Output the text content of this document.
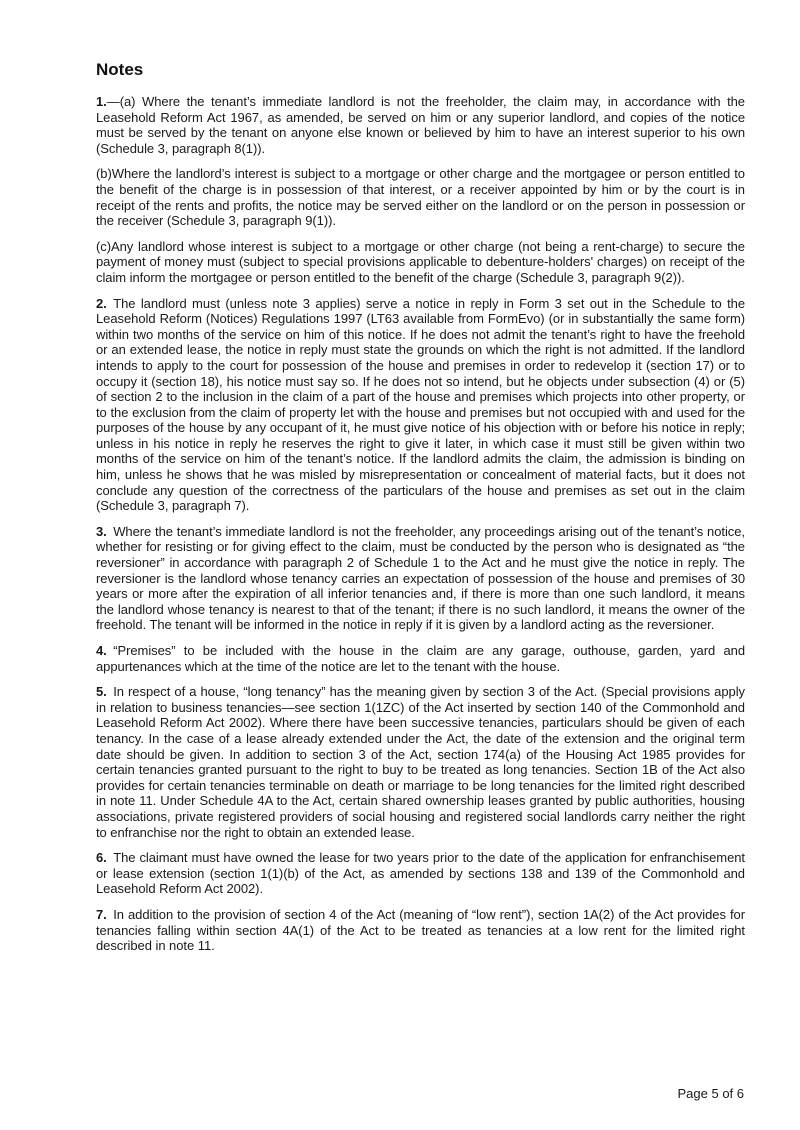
Notes

1.—(a) Where the tenant’s immediate landlord is not the freeholder, the claim may, in accordance with the Leasehold Reform Act 1967, as amended, be served on him or any superior landlord, and copies of the notice must be served by the tenant on anyone else known or believed by him to have an interest superior to his own (Schedule 3, paragraph 8(1)).

(b)Where the landlord’s interest is subject to a mortgage or other charge and the mortgagee or person entitled to the benefit of the charge is in possession of that interest, or a receiver appointed by him or by the court is in receipt of the rents and profits, the notice may be served either on the landlord or on the person in possession or the receiver (Schedule 3, paragraph 9(1)).

(c)Any landlord whose interest is subject to a mortgage or other charge (not being a rent-charge) to secure the payment of money must (subject to special provisions applicable to debenture-holders' charges) on receipt of the claim inform the mortgagee or person entitled to the benefit of the charge (Schedule 3, paragraph 9(2)).

2. The landlord must (unless note 3 applies) serve a notice in reply in Form 3 set out in the Schedule to the Leasehold Reform (Notices) Regulations 1997 (LT63 available from FormEvo) (or in substantially the same form) within two months of the service on him of this notice. If he does not admit the tenant’s right to have the freehold or an extended lease, the notice in reply must state the grounds on which the right is not admitted. If the landlord intends to apply to the court for possession of the house and premises in order to redevelop it (section 17) or to occupy it (section 18), his notice must say so. If he does not so intend, but he objects under subsection (4) or (5) of section 2 to the inclusion in the claim of a part of the house and premises which projects into other property, or to the exclusion from the claim of property let with the house and premises but not occupied with and used for the purposes of the house by any occupant of it, he must give notice of his objection with or before his notice in reply; unless in his notice in reply he reserves the right to give it later, in which case it must still be given within two months of the service on him of the tenant’s notice. If the landlord admits the claim, the admission is binding on him, unless he shows that he was misled by misrepresentation or concealment of material facts, but it does not conclude any question of the correctness of the particulars of the house and premises as set out in the claim (Schedule 3, paragraph 7).

3. Where the tenant’s immediate landlord is not the freeholder, any proceedings arising out of the tenant’s notice, whether for resisting or for giving effect to the claim, must be conducted by the person who is designated as “the reversioner” in accordance with paragraph 2 of Schedule 1 to the Act and he must give the notice in reply. The reversioner is the landlord whose tenancy carries an expectation of possession of the house and premises of 30 years or more after the expiration of all inferior tenancies and, if there is more than one such landlord, it means the landlord whose tenancy is nearest to that of the tenant; if there is no such landlord, it means the owner of the freehold. The tenant will be informed in the notice in reply if it is given by a landlord acting as the reversioner.

4. “Premises” to be included with the house in the claim are any garage, outhouse, garden, yard and appurtenances which at the time of the notice are let to the tenant with the house.

5. In respect of a house, “long tenancy” has the meaning given by section 3 of the Act. (Special provisions apply in relation to business tenancies—see section 1(1ZC) of the Act inserted by section 140 of the Commonhold and Leasehold Reform Act 2002). Where there have been successive tenancies, particulars should be given of each tenancy. In the case of a lease already extended under the Act, the date of the extension and the original term date should be given. In addition to section 3 of the Act, section 174(a) of the Housing Act 1985 provides for certain tenancies granted pursuant to the right to buy to be treated as long tenancies. Section 1B of the Act also provides for certain tenancies terminable on death or marriage to be long tenancies for the limited right described in note 11. Under Schedule 4A to the Act, certain shared ownership leases granted by public authorities, housing associations, private registered providers of social housing and registered social landlords carry neither the right to enfranchise nor the right to obtain an extended lease.

6. The claimant must have owned the lease for two years prior to the date of the application for enfranchisement or lease extension (section 1(1)(b) of the Act, as amended by sections 138 and 139 of the Commonhold and Leasehold Reform Act 2002).

7. In addition to the provision of section 4 of the Act (meaning of “low rent”), section 1A(2) of the Act provides for tenancies falling within section 4A(1) of the Act to be treated as tenancies at a low rent for the limited right described in note 11.

Page 5 of 6
